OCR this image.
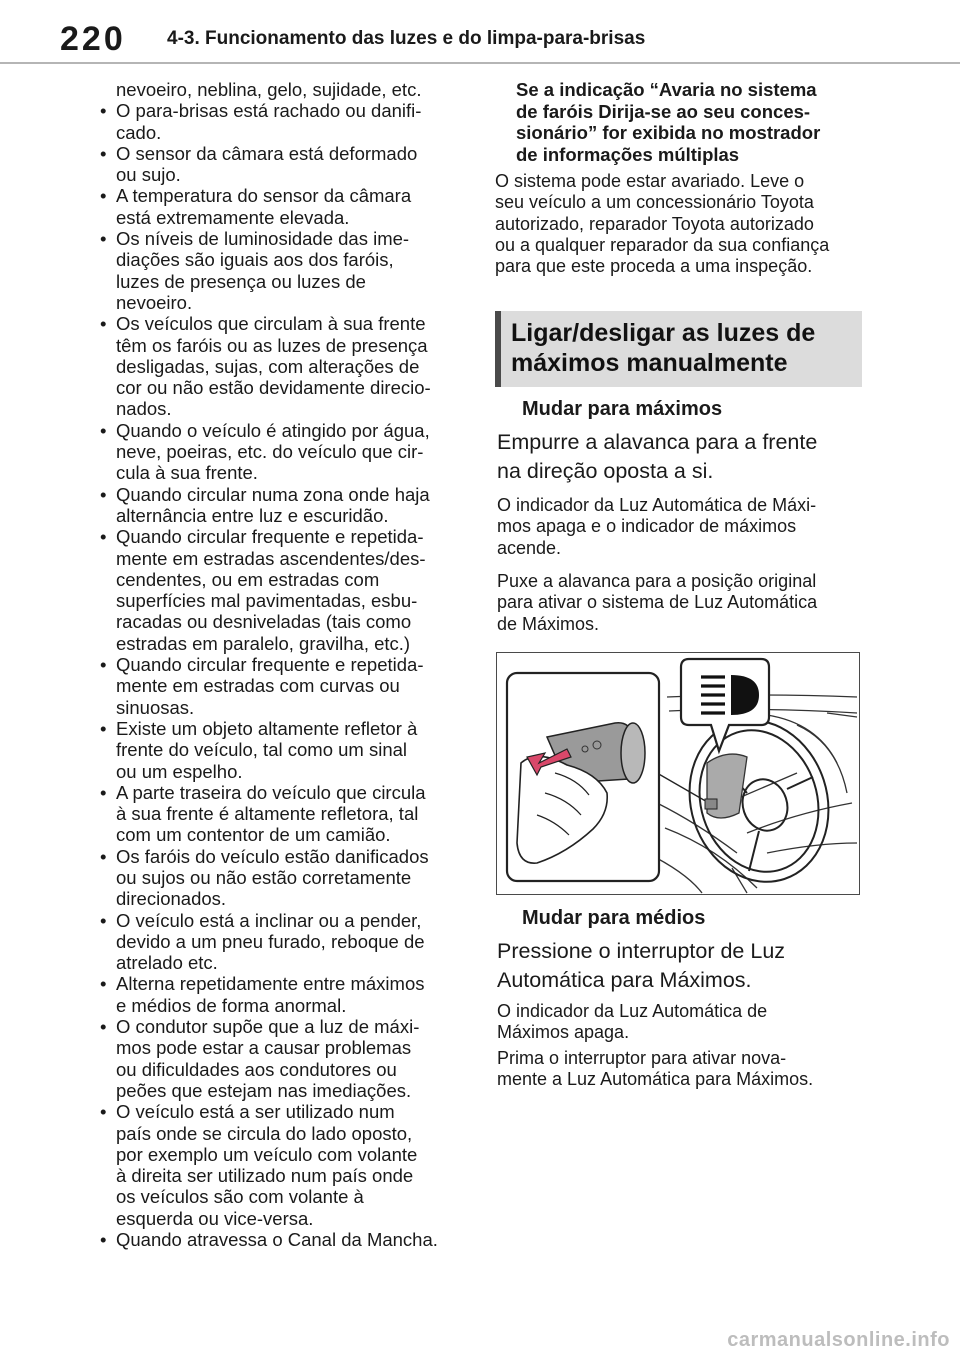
220 4-3. Funcionamento das luzes e do limpa-para-brisas
nevoeiro, neblina, gelo, sujidade, etc.
• O para-brisas está rachado ou danifi-
cado.
• O sensor da câmara está deformado
ou sujo.
• A temperatura do sensor da câmara
está extremamente elevada.
• Os níveis de luminosidade das ime-
diações são iguais aos dos faróis,
luzes de presença ou luzes de
nevoeiro.
• Os veículos que circulam à sua frente
têm os faróis ou as luzes de presença
desligadas, sujas, com alterações de
cor ou não estão devidamente direcio-
nados.
• Quando o veículo é atingido por água,
neve, poeiras, etc. do veículo que cir-
cula à sua frente.
• Quando circular numa zona onde haja
alternância entre luz e escuridão.
• Quando circular frequente e repetida-
mente em estradas ascendentes/des-
cendentes, ou em estradas com
superfícies mal pavimentadas, esbu-
racadas ou desniveladas (tais como
estradas em paralelo, gravilha, etc.)
• Quando circular frequente e repetida-
mente em estradas com curvas ou
sinuosas.
• Existe um objeto altamente refletor à
frente do veículo, tal como um sinal
ou um espelho.
• A parte traseira do veículo que circula
à sua frente é altamente refletora, tal
com um contentor de um camião.
• Os faróis do veículo estão danificados
ou sujos ou não estão corretamente
direcionados.
• O veículo está a inclinar ou a pender,
devido a um pneu furado, reboque de
atrelado etc.
• Alterna repetidamente entre máximos
e médios de forma anormal.
• O condutor supõe que a luz de máxi-
mos pode estar a causar problemas
ou dificuldades aos condutores ou
peões que estejam nas imediações.
• O veículo está a ser utilizado num
país onde se circula do lado oposto,
por exemplo um veículo com volante
à direita ser utilizado num país onde
os veículos são com volante à
esquerda ou vice-versa.
• Quando atravessa o Canal da Mancha.
Se a indicação “Avaria no sistema
de faróis Dirija-se ao seu conces-
sionário” for exibida no mostrador
de informações múltiplas

O sistema pode estar avariado. Leve o
seu veículo a um concessionário Toyota
autorizado, reparador Toyota autorizado
ou a qualquer reparador da sua confiança
para que este proceda a uma inspeção.

Ligar/desligar as luzes de
máximos manualmente
Mudar para máximos
Empurre a alavanca para a frente
na direção oposta a si.

O indicador da Luz Automática de Máxi-
mos apaga e o indicador de máximos
acende.

Puxe a alavanca para a posição original
para ativar o sistema de Luz Automática
de Máximos.

Mudar para médios
Pressione o interruptor de Luz
Automática para Máximos.

O indicador da Luz Automática de
Máximos apaga.

Prima o interruptor para ativar nova-
mente a Luz Automática para Máximos.

carmanualsonline.info
